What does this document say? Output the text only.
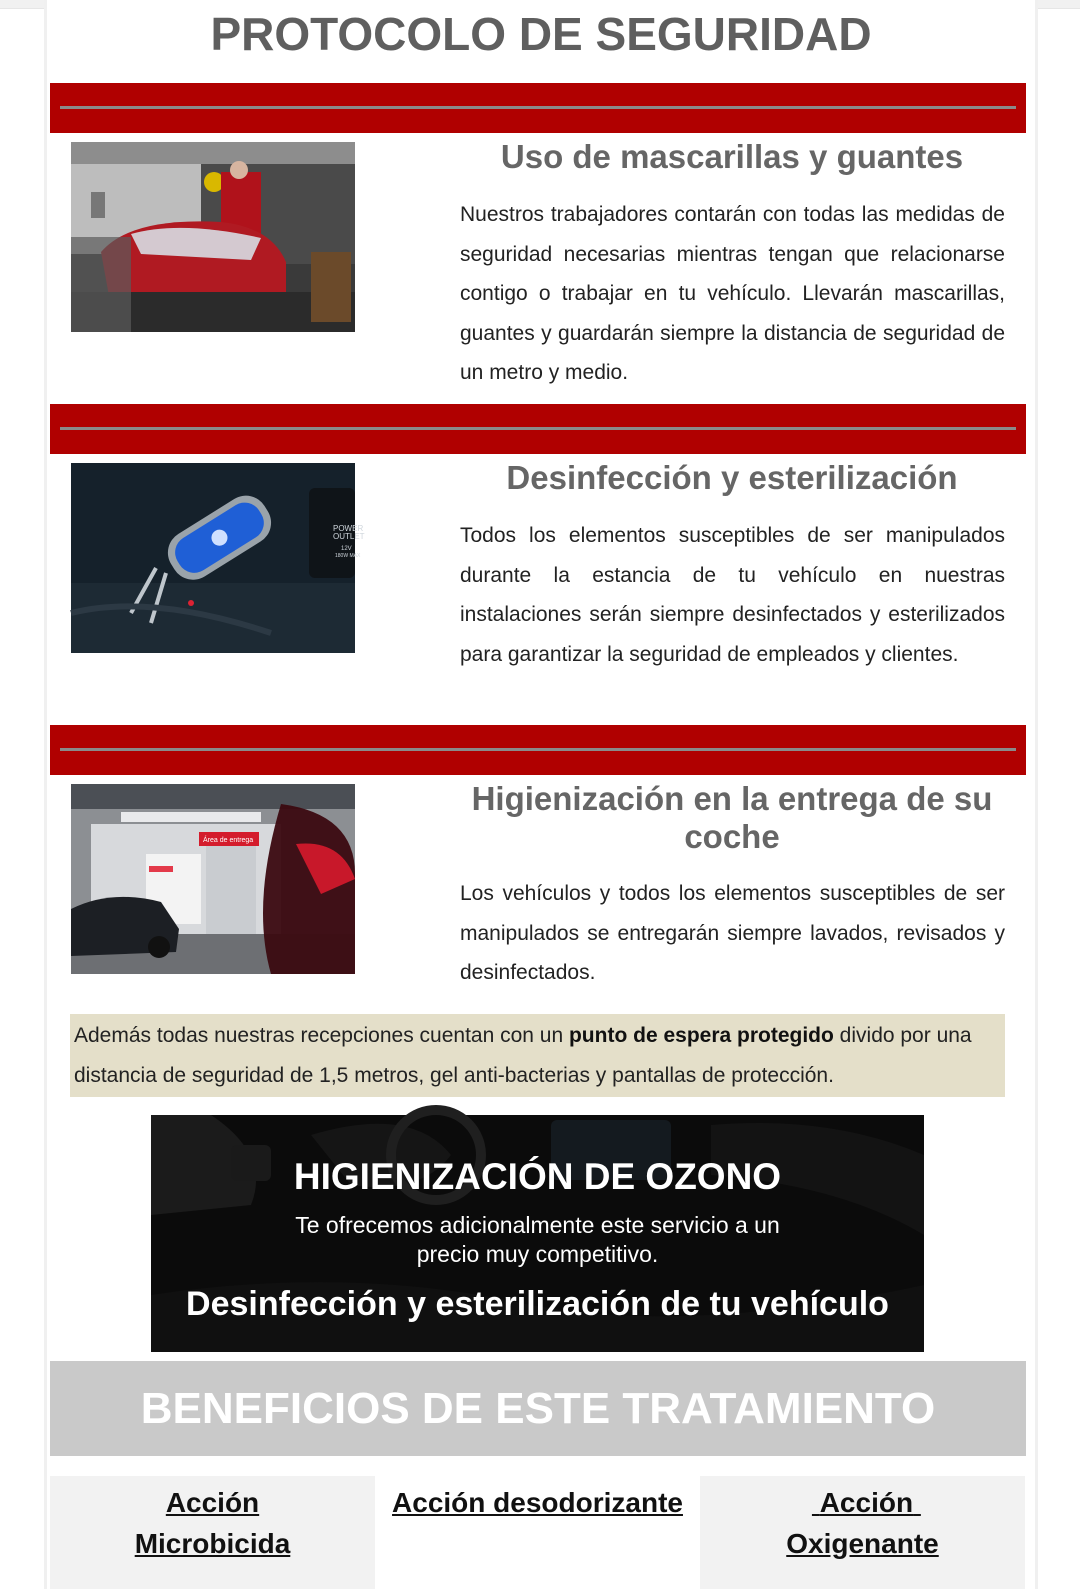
PROTOCOLO DE SEGURIDAD
Uso de mascarillas y guantes

Nuestros trabajadores contarán con todas las medidas de seguridad necesarias mientras tengan que relacionarse contigo o trabajar en tu vehículo. Llevarán mascarillas, guantes y guardarán siempre la distancia de seguridad de un metro y medio.

POWER
OUTLET
12V
180W MAX
Desinfección y esterilización

Todos los elementos susceptibles de ser manipulados durante la estancia de tu vehículo en nuestras instalaciones serán siempre desinfectados y esterilizados para garantizar la seguridad de empleados y clientes.

Área de entrega
Higienización en la entrega de su coche

Los vehículos y todos los elementos susceptibles de ser manipulados se entregarán siempre lavados, revisados y desinfectados.

Además todas nuestras recepciones cuentan con un punto de espera protegido divido por una distancia de seguridad de 1,5 metros, gel anti-bacterias y pantallas de protección.
HIGIENIZACIÓN DE OZONO
Te ofrecemos adicionalmente este servicio a un
precio muy competitivo.
Desinfección y esterilización de tu vehículo
BENEFICIOS DE ESTE TRATAMIENTO
Acción Microbicida
Acción desodorizante	Acción Oxigenante
